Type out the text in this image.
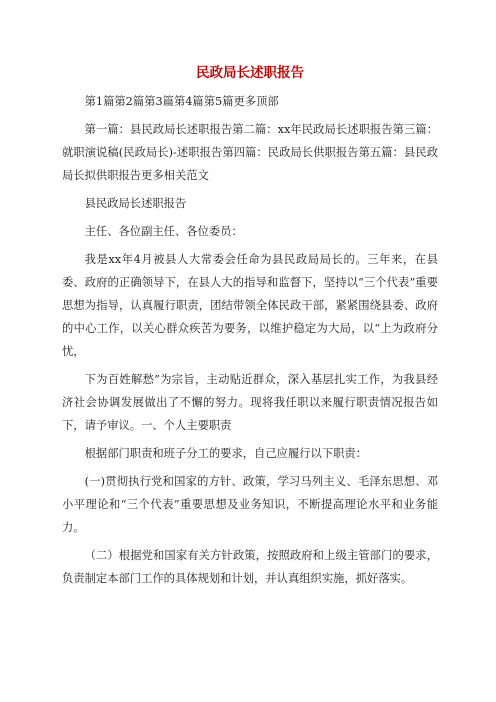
民政局长述职报告

第1篇第2篇第3篇第4篇第5篇更多顶部

第一篇：县民政局长述职报告第二篇：xx年民政局长述职报告第三篇：就职演说稿(民政局长)-述职报告第四篇：民政局长供职报告第五篇：县民政局长拟供职报告更多相关范文

县民政局长述职报告

主任、各位副主任、各位委员：

我是xx年4月被县人大常委会任命为县民政局局长的。三年来，在县委、政府的正确领导下，在县人大的指导和监督下，坚持以“三个代表”重要思想为指导，认真履行职责，团结带领全体民政干部，紧紧围绕县委、政府的中心工作，以关心群众疾苦为要务，以维护稳定为大局，以“上为政府分忧，

下为百姓解愁”为宗旨，主动贴近群众，深入基层扎实工作，为我县经济社会协调发展做出了不懈的努力。现将我任职以来履行职责情况报告如下，请予审议。一、个人主要职责

根据部门职责和班子分工的要求，自己应履行以下职责：

(一)贯彻执行党和国家的方针、政策，学习马列主义、毛泽东思想、邓小平理论和“三个代表”重要思想及业务知识，不断提高理论水平和业务能力。

（二）根据党和国家有关方针政策，按照政府和上级主管部门的要求，负责制定本部门工作的具体规划和计划，并认真组织实施，抓好落实。
